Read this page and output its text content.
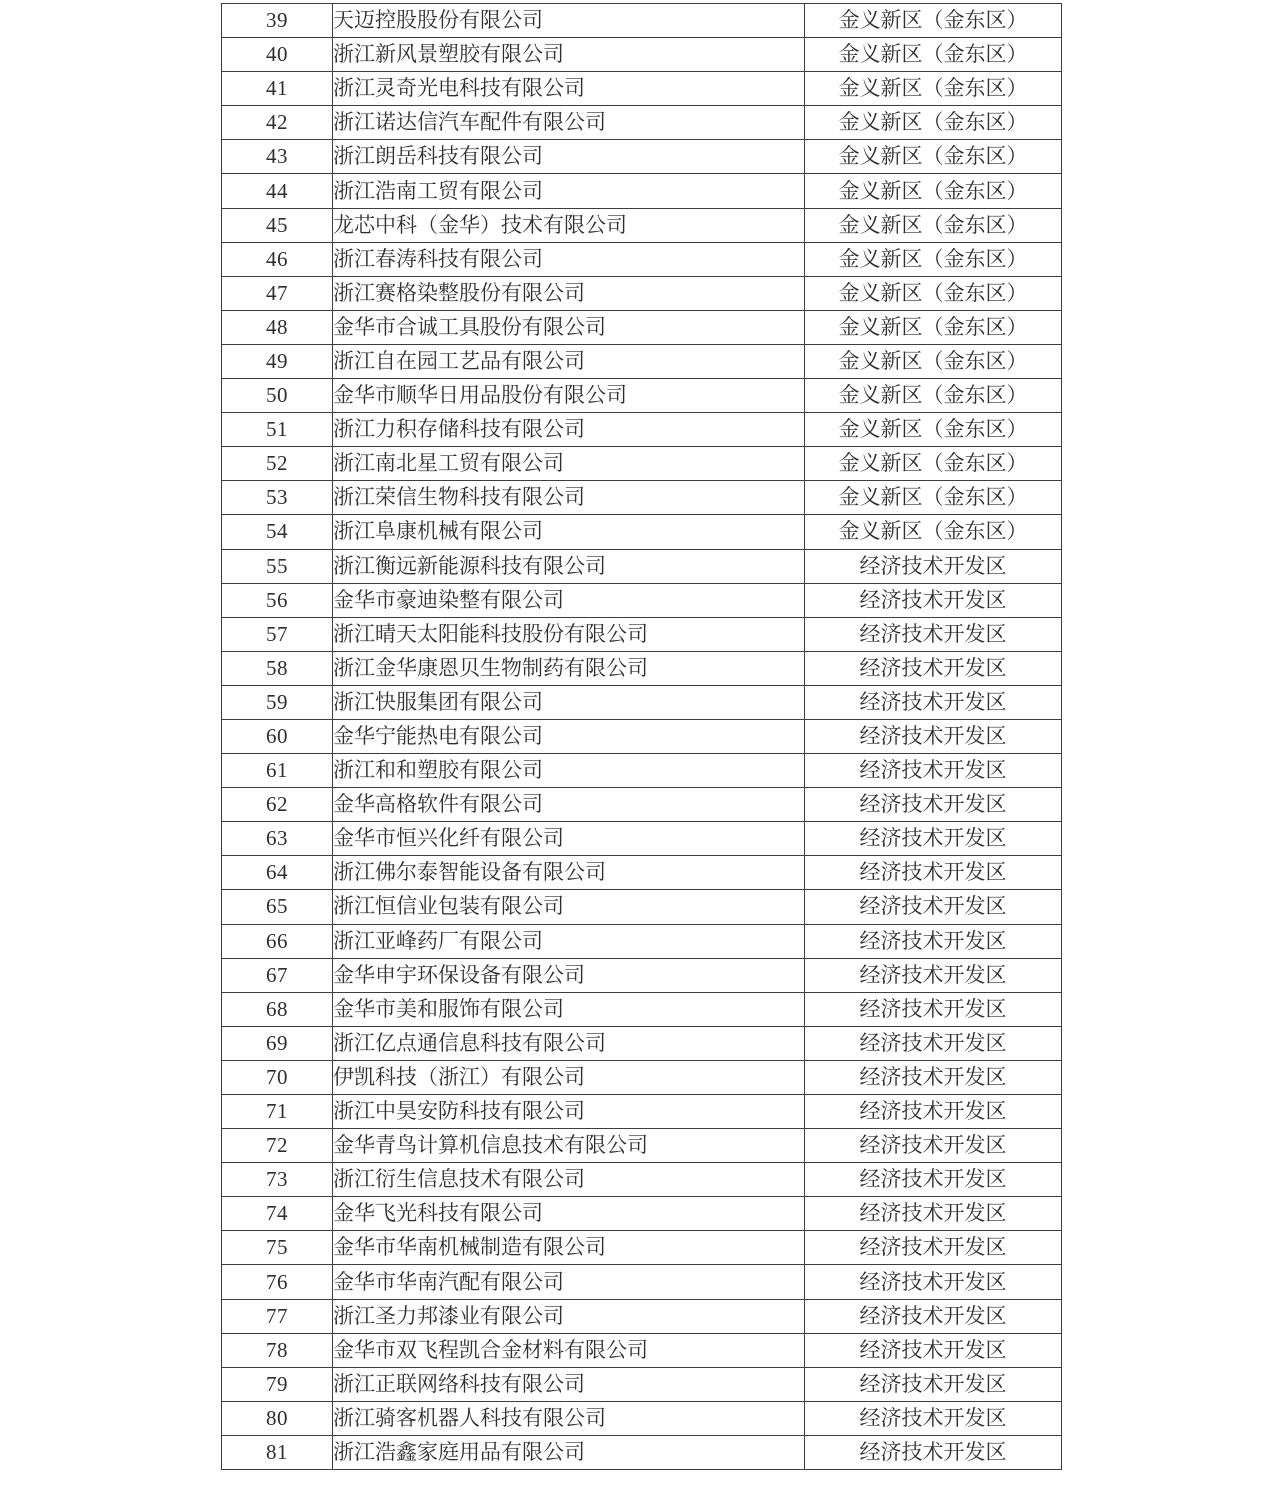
39	天迈控股股份有限公司	金义新区（金东区）
40	浙江新风景塑胶有限公司	金义新区（金东区）
41	浙江灵奇光电科技有限公司	金义新区（金东区）
42	浙江诺达信汽车配件有限公司	金义新区（金东区）
43	浙江朗岳科技有限公司	金义新区（金东区）
44	浙江浩南工贸有限公司	金义新区（金东区）
45	龙芯中科（金华）技术有限公司	金义新区（金东区）
46	浙江春涛科技有限公司	金义新区（金东区）
47	浙江赛格染整股份有限公司	金义新区（金东区）
48	金华市合诚工具股份有限公司	金义新区（金东区）
49	浙江自在园工艺品有限公司	金义新区（金东区）
50	金华市顺华日用品股份有限公司	金义新区（金东区）
51	浙江力积存储科技有限公司	金义新区（金东区）
52	浙江南北星工贸有限公司	金义新区（金东区）
53	浙江荣信生物科技有限公司	金义新区（金东区）
54	浙江阜康机械有限公司	金义新区（金东区）
55	浙江衡远新能源科技有限公司	经济技术开发区
56	金华市豪迪染整有限公司	经济技术开发区
57	浙江晴天太阳能科技股份有限公司	经济技术开发区
58	浙江金华康恩贝生物制药有限公司	经济技术开发区
59	浙江快服集团有限公司	经济技术开发区
60	金华宁能热电有限公司	经济技术开发区
61	浙江和和塑胶有限公司	经济技术开发区
62	金华高格软件有限公司	经济技术开发区
63	金华市恒兴化纤有限公司	经济技术开发区
64	浙江佛尔泰智能设备有限公司	经济技术开发区
65	浙江恒信业包装有限公司	经济技术开发区
66	浙江亚峰药厂有限公司	经济技术开发区
67	金华申宇环保设备有限公司	经济技术开发区
68	金华市美和服饰有限公司	经济技术开发区
69	浙江亿点通信息科技有限公司	经济技术开发区
70	伊凯科技（浙江）有限公司	经济技术开发区
71	浙江中昊安防科技有限公司	经济技术开发区
72	金华青鸟计算机信息技术有限公司	经济技术开发区
73	浙江衍生信息技术有限公司	经济技术开发区
74	金华飞光科技有限公司	经济技术开发区
75	金华市华南机械制造有限公司	经济技术开发区
76	金华市华南汽配有限公司	经济技术开发区
77	浙江圣力邦漆业有限公司	经济技术开发区
78	金华市双飞程凯合金材料有限公司	经济技术开发区
79	浙江正联网络科技有限公司	经济技术开发区
80	浙江骑客机器人科技有限公司	经济技术开发区
81	浙江浩鑫家庭用品有限公司	经济技术开发区
